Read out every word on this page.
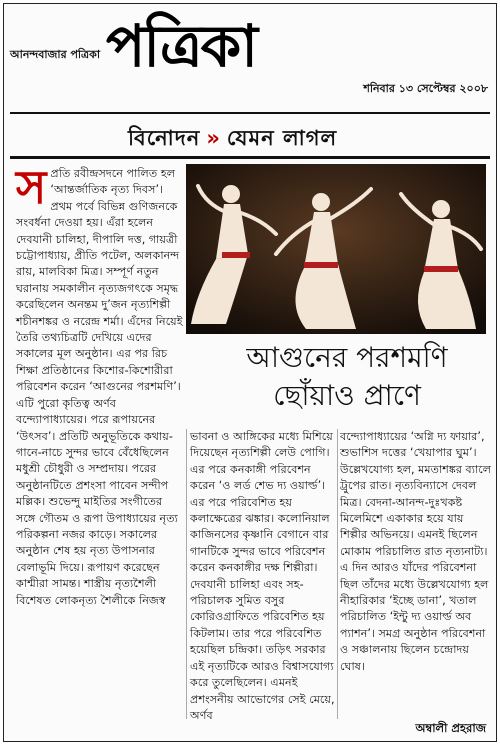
আনন্দবাজার পত্রিকা পত্রিকা
শনিবার ১৩ সেপ্টেম্বর ২০০৮
বিনোদন » যেমন লাগল
স প্রতি রবীন্দ্রসদনে পালিত হল ‘আন্তর্জাতিক নৃত্য দিবস’। প্রথম পর্বে বিভিন্ন গুণিজনকে সংবর্ধনা দেওয়া হয়। এঁরা হলেন দেবযানী চালিহা, দীপালি দত্ত, গায়ত্রী চট্টোপাধ্যায়, প্রীতি পটেল, অলকানন্দ রায়, মালবিকা মিত্র। সম্পূর্ণ নতুন ঘরানায় সমকালীন নৃত্যজগৎকে সমৃদ্ধ করেছিলেন অনন্তম দু’জন নৃত্যশিল্পী শচীনশঙ্কর ও নরেন্দ্র শর্মা। এঁদের নিয়েই তৈরি তথ্যচিত্রটি দেখিয়ে এদের সকালের মূল অনুষ্ঠান। এর পর রিচ শিক্ষা প্রতিষ্ঠানের কিশোর-কিশোরীরা পরিবেশন করেন ‘আগুনের পরশমণি’। এটি পুরো কৃতিত্ব অর্ণব বন্দ্যোপাধ্যায়ের। পরে রূপায়নের ‘উৎসব’। প্রতিটি অনুভূতিকে কথায়-গানে-নাচে সুন্দর ভাবে বেঁধেছিলেন মধুশ্রী চৌধুরী ও সম্প্রদায়। পরের অনুষ্ঠানটিতে প্রশংসা পাবেন সন্দীপ মল্লিক। শুভেন্দু মাইতির সংগীতের সঙ্গে গৌতম ও রূপা উপাধ্যায়ের নৃত্য পরিকল্পনা নজর কাড়ে। সকালের অনুষ্ঠান শেষ হয় নৃত্য উপাসনার বেলাভূমি দিয়ে। রূপায়ণ করেছেন কাশ্মীরা সামন্ত। শাস্ত্রীয় নৃত্যশৈলী বিশেষত লোকনৃত্য শৈলীকে নিজস্ব

আগুনের পরশমণি
ছোঁয়াও প্রাণে

ভাবনা ও আঙ্গিকের মধ্যে মিশিয়ে দিয়েছেন নৃত্যশিল্পী লেউ পোগি। এর পরে কনকাঙ্গী পরিবেশন করেন ‘ও লর্ড শেভ দ্য ওয়ার্ল্ড’। এর পরে পরিবেশিত হয় কলাক্ষেত্রের ঝঙ্কার। কলোনিয়াল কাজিনসের কৃষ্ণানি বেগানে বার গানটিকে সুন্দর ভাবে পরিবেশন করেন কনকাঙ্গীর দক্ষ শিল্পীরা। দেবযানী চালিহা এবং সহ-পরিচালক সুমিত বসুর কোরিওগ্রাফিতে পরিবেশিত হয় কিটলাম। তার পরে পরিবেশিত হয়েছিল চন্দ্রিকা। তড়িৎ সরকার এই নৃত্যটিকে আরও বিশ্বাসযোগ্য করে তুলেছিলেন। এমনই প্রশংসনীয় আভোগের সেই মেয়ে, অর্ণব

বন্দ্যোপাধ্যায়ের ‘অগ্নি দ্য ফায়ার’, শুভাশিস দত্তের ‘খেয়াপার ঘুম’। উল্লেখযোগ্য হল, মমতাশঙ্কর ব্যালে ট্রুপের রাত। নৃত্যবিন্যাসে দেবল মিত্র। বেদনা-আনন্দ-দুঃখকষ্ট মিলেমিশে একাকার হয়ে যায় শিল্পীর অভিনয়ে। এমনই ছিলেন মোকাম পরিচালিত রাত নৃত্যনাট্য। এ দিন আরও যাঁদের পরিবেশনা ছিল তাঁদের মধ্যে উল্লেখযোগ্য হল নীহারিকার ‘ইচ্ছে ডানা’, খতাল পরিচালিত ‘ইন্টু দ্য ওয়ার্ল্ড অব প্যাশন’। সমগ্র অনুষ্ঠান পরিবেশনা ও সঞ্চালনায় ছিলেন চন্দ্রোদয় ঘোষ।

অম্বালী প্রহরাজ
